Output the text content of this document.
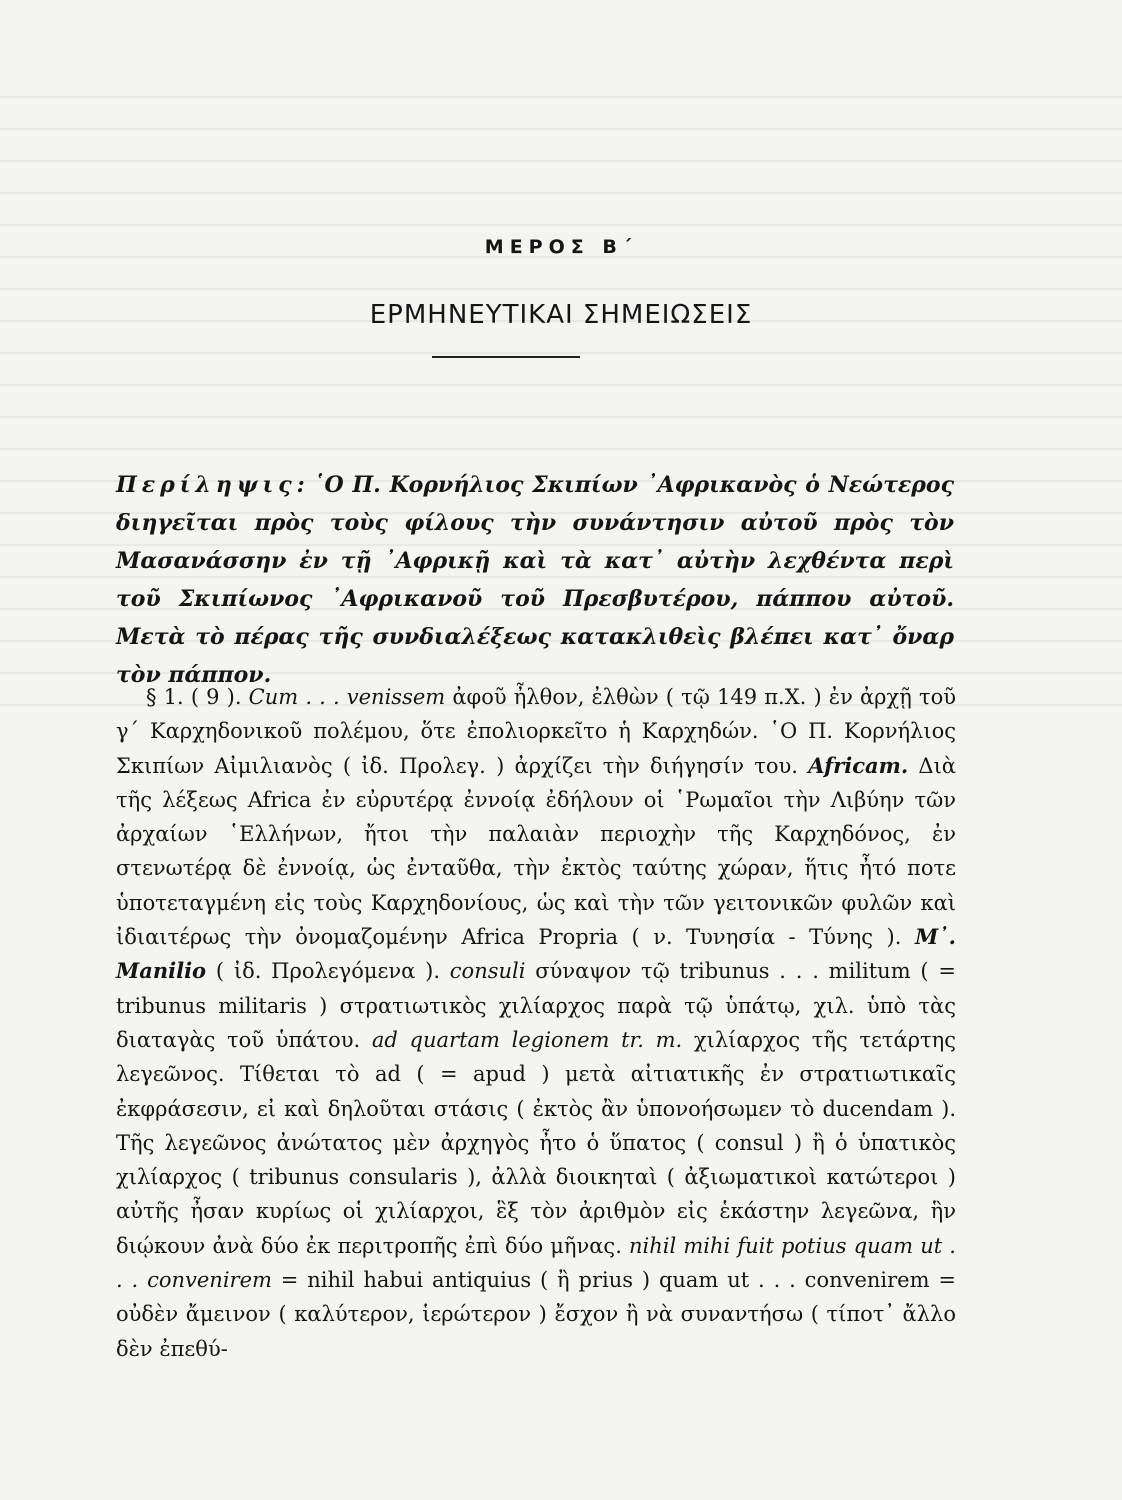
ΜΕΡΟΣ Β΄
ΕΡΜΗΝΕΥΤΙΚΑΙ ΣΗΜΕΙΩΣΕΙΣ
Περίληψις: ῾Ο Π. Κορνήλιος Σκιπίων ᾿Αφρικανὸς ὁ Νεώτερος διηγεῖται πρὸς τοὺς φίλους τὴν συνάντησιν αὐτοῦ πρὸς τὸν Μασανάσσην ἐν τῇ ᾿Αφρικῇ καὶ τὰ κατ᾿ αὐτὴν λεχθέντα περὶ τοῦ Σκιπίωνος ᾿Αφρικανοῦ τοῦ Πρεσβυτέρου, πάππου αὐτοῦ. Μετὰ τὸ πέρας τῆς συνδιαλέξεως κατακλιθεὶς βλέπει κατ᾿ ὄναρ τὸν πάππον.

§ 1. ( 9 ). Cum . . . venissem ἀφοῦ ἦλθον, ἐλθὼν ( τῷ 149 π.Χ. ) ἐν ἀρχῇ τοῦ γ΄ Καρχηδονικοῦ πολέμου, ὅτε ἐπολιορκεῖτο ἡ Καρχηδών. ῾Ο Π. Κορνήλιος Σκιπίων Αἰμιλιανὸς ( ἰδ. Προλεγ. ) ἀρχίζει τὴν διήγησίν του. Africam. Διὰ τῆς λέξεως Africa ἐν εὐρυτέρᾳ ἐννοίᾳ ἐδήλουν οἱ ῾Ρωμαῖοι τὴν Λιβύην τῶν ἀρχαίων ῾Ελλήνων, ἤτοι τὴν παλαιὰν περιοχὴν τῆς Καρχηδόνος, ἐν στενωτέρᾳ δὲ ἐννοίᾳ, ὡς ἐνταῦθα, τὴν ἐκτὸς ταύτης χώραν, ἥτις ἦτό ποτε ὑποτεταγμένη εἰς τοὺς Καρχηδονίους, ὡς καὶ τὴν τῶν γειτονικῶν φυλῶν καὶ ἰδιαιτέρως τὴν ὀνομαζομένην Africa Propria ( ν. Τυνησία - Τύνης ). M᾿. Manilio ( ἰδ. Προλεγόμενα ). consuli σύναψον τῷ tribunus . . . militum ( = tribunus militaris ) στρατιωτικὸς χιλίαρχος παρὰ τῷ ὑπάτῳ, χιλ. ὑπὸ τὰς διαταγὰς τοῦ ὑπάτου. ad quartam legionem tr. m. χιλίαρχος τῆς τετάρτης λεγεῶνος. Τίθεται τὸ ad ( = apud ) μετὰ αἰτιατικῆς ἐν στρατιωτικαῖς ἐκφράσεσιν, εἰ καὶ δηλοῦται στάσις ( ἐκτὸς ἂν ὑπονοήσωμεν τὸ ducendam ). Τῆς λεγεῶνος ἀνώτατος μὲν ἀρχηγὸς ἦτο ὁ ὕπατος ( consul ) ἢ ὁ ὑπατικὸς χιλίαρχος ( tribunus consularis ), ἀλλὰ διοικηταὶ ( ἀξιωματικοὶ κατώτεροι ) αὐτῆς ἦσαν κυρίως οἱ χιλίαρχοι, ἓξ τὸν ἀριθμὸν εἰς ἑκάστην λεγεῶνα, ἣν διῴκουν ἀνὰ δύο ἐκ περιτροπῆς ἐπὶ δύο μῆνας. nihil mihi fuit potius quam ut . . . convenirem = nihil habui antiquius ( ἢ prius ) quam ut . . . convenirem = οὐδὲν ἄμεινον ( καλύτερον, ἱερώτερον ) ἔσχον ἢ νὰ συναντήσω ( τίποτ᾿ ἄλλο δὲν ἐπεθύ-
